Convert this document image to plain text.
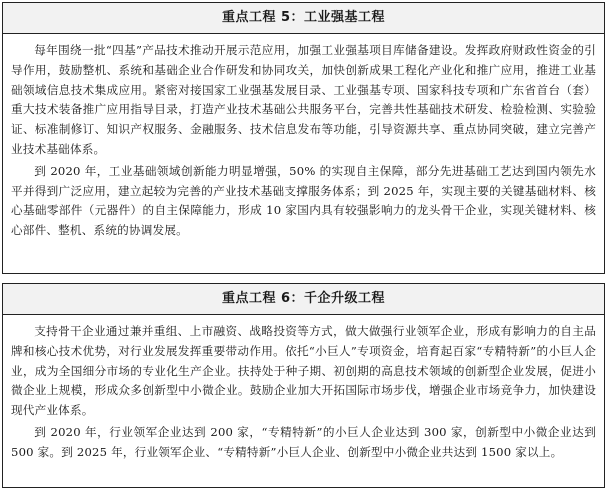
重点工程 5：工业强基工程

每年围绕一批“四基”产品技术推动开展示范应用，加强工业强基项目库储备建设。发挥政府财政性资金的引导作用，鼓励整机、系统和基础企业合作研发和协同攻关，加快创新成果工程化产业化和推广应用，推进工业基础领域信息技术集成应用。紧密对接国家工业强基发展目录、工业强基专项、国家科技专项和广东省首台（套）重大技术装备推广应用指导目录，打造产业技术基础公共服务平台，完善共性基础技术研发、检验检测、实验验证、标准制修订、知识产权服务、金融服务、技术信息发布等功能，引导资源共享、重点协同突破，建立完善产业技术基础体系。

到 2020 年，工业基础领域创新能力明显增强，50% 的实现自主保障，部分先进基础工艺达到国内领先水平并得到广泛应用，建立起较为完善的产业技术基础支撑服务体系；到 2025 年，实现主要的关键基础材料、核心基础零部件（元器件）的自主保障能力，形成 10 家国内具有较强影响力的龙头骨干企业，实现关键材料、核心部件、整机、系统的协调发展。

重点工程 6：千企升级工程

支持骨干企业通过兼并重组、上市融资、战略投资等方式，做大做强行业领军企业，形成有影响力的自主品牌和核心技术优势，对行业发展发挥重要带动作用。依托“小巨人”专项资金，培育起百家“专精特新”的小巨人企业，成为全国细分市场的专业化生产企业。扶持处于种子期、初创期的高息技术领域的创新型企业发展，促进小微企业上规模，形成众多创新型中小微企业。鼓励企业加大开拓国际市场步伐，增强企业市场竞争力，加快建设现代产业体系。

到 2020 年，行业领军企业达到 200 家，“专精特新”的小巨人企业达到 300 家，创新型中小微企业达到 500 家。到 2025 年，行业领军企业、“专精特新”小巨人企业、创新型中小微企业共达到 1500 家以上。
